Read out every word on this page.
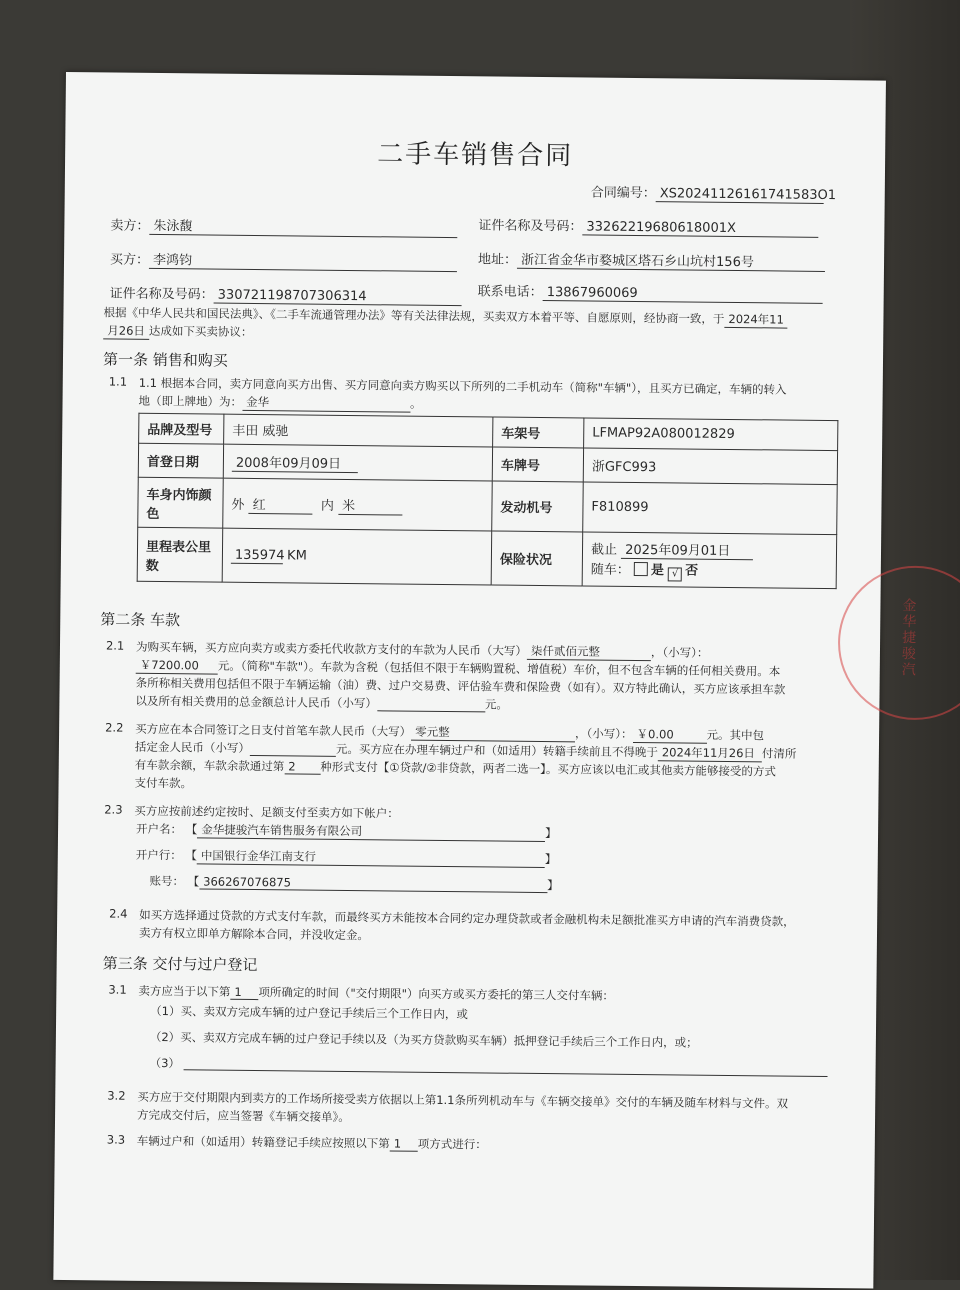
二手车销售合同
合同编号： XS20241126161741583O1
卖方： 朱泳馥	证件名称及号码： 33262219680618001X
买方： 李鸿钧	地址： 浙江省金华市婺城区塔石乡山坑村156号
证件名称及号码： 330721198707306314	联系电话： 13867960069
根据《中华人民共和国民法典》、《二手车流通管理办法》等有关法律法规，买卖双方本着平等、自愿原则，经协商一致，于 2024年11
月26日 达成如下买卖协议：
第一条 销售和购买
1.1 1.1 根据本合同，卖方同意向买方出售、买方同意向卖方购买以下所列的二手机动车（简称"车辆"），且买方已确定，车辆的转入
地（即上牌地）为： 金华	。
品牌及型号	丰田 威驰	车架号	LFMAP92A080012829
首登日期	2008年09月09日	车牌号	浙GFC993
车身内饰颜色	外 红 内 米	发动机号	F810899
里程表公里数	135974 KM	保险状况	截止 2025年09月01日
随车： 是 √ 否
第二条 车款
2.1 为购买车辆，买方应向卖方或卖方委托代收款方支付的车款为人民币（大写） 柒仟贰佰元整	，（小写）：
￥7200.00 元。（简称"车款"）。车款为含税（包括但不限于车辆购置税、增值税）车价，但不包含车辆的任何相关费用。本
条所称相关费用包括但不限于车辆运输（油）费、过户交易费、评估验车费和保险费（如有）。双方特此确认，买方应该承担车款
以及所有相关费用的总金额总计人民币（小写）	元。
2.2 买方应在本合同签订之日支付首笔车款人民币（大写） 零元整	，（小写）： ￥0.00	元。其中包
括定金人民币（小写）	元。买方应在办理车辆过户和（如适用）转籍手续前且不得晚于 2024年11月26日 付清所
有车款余额，车款余款通过第 2 种形式支付【①贷款/②非贷款，两者二选一】。买方应该以电汇或其他卖方能够接受的方式
支付车款。
2.3 买方应按前述约定按时、足额支付至卖方如下帐户：
开户名： 【 金华捷骏汽车销售服务有限公司	】
开户行： 【 中国银行金华江南支行	】
账号： 【 366267076875	】
2.4 如买方选择通过贷款的方式支付车款，而最终买方未能按本合同约定办理贷款或者金融机构未足额批准买方申请的汽车消费贷款，
卖方有权立即单方解除本合同，并没收定金。
第三条 交付与过户登记
3.1 卖方应当于以下第 1 项所确定的时间（"交付期限"）向买方或买方委托的第三人交付车辆：
（1）买、卖双方完成车辆的过户登记手续后三个工作日内，或
（2）买、卖双方完成车辆的过户登记手续以及（为买方贷款购买车辆）抵押登记手续后三个工作日内，或；
（3）
3.2 买方应于交付期限内到卖方的工作场所接受卖方依据以上第1.1条所列机动车与《车辆交接单》交付的车辆及随车材料与文件。双
方完成交付后，应当签署《车辆交接单》。
3.3 车辆过户和（如适用）转籍登记手续应按照以下第 1 项方式进行：
金华捷骏汽
